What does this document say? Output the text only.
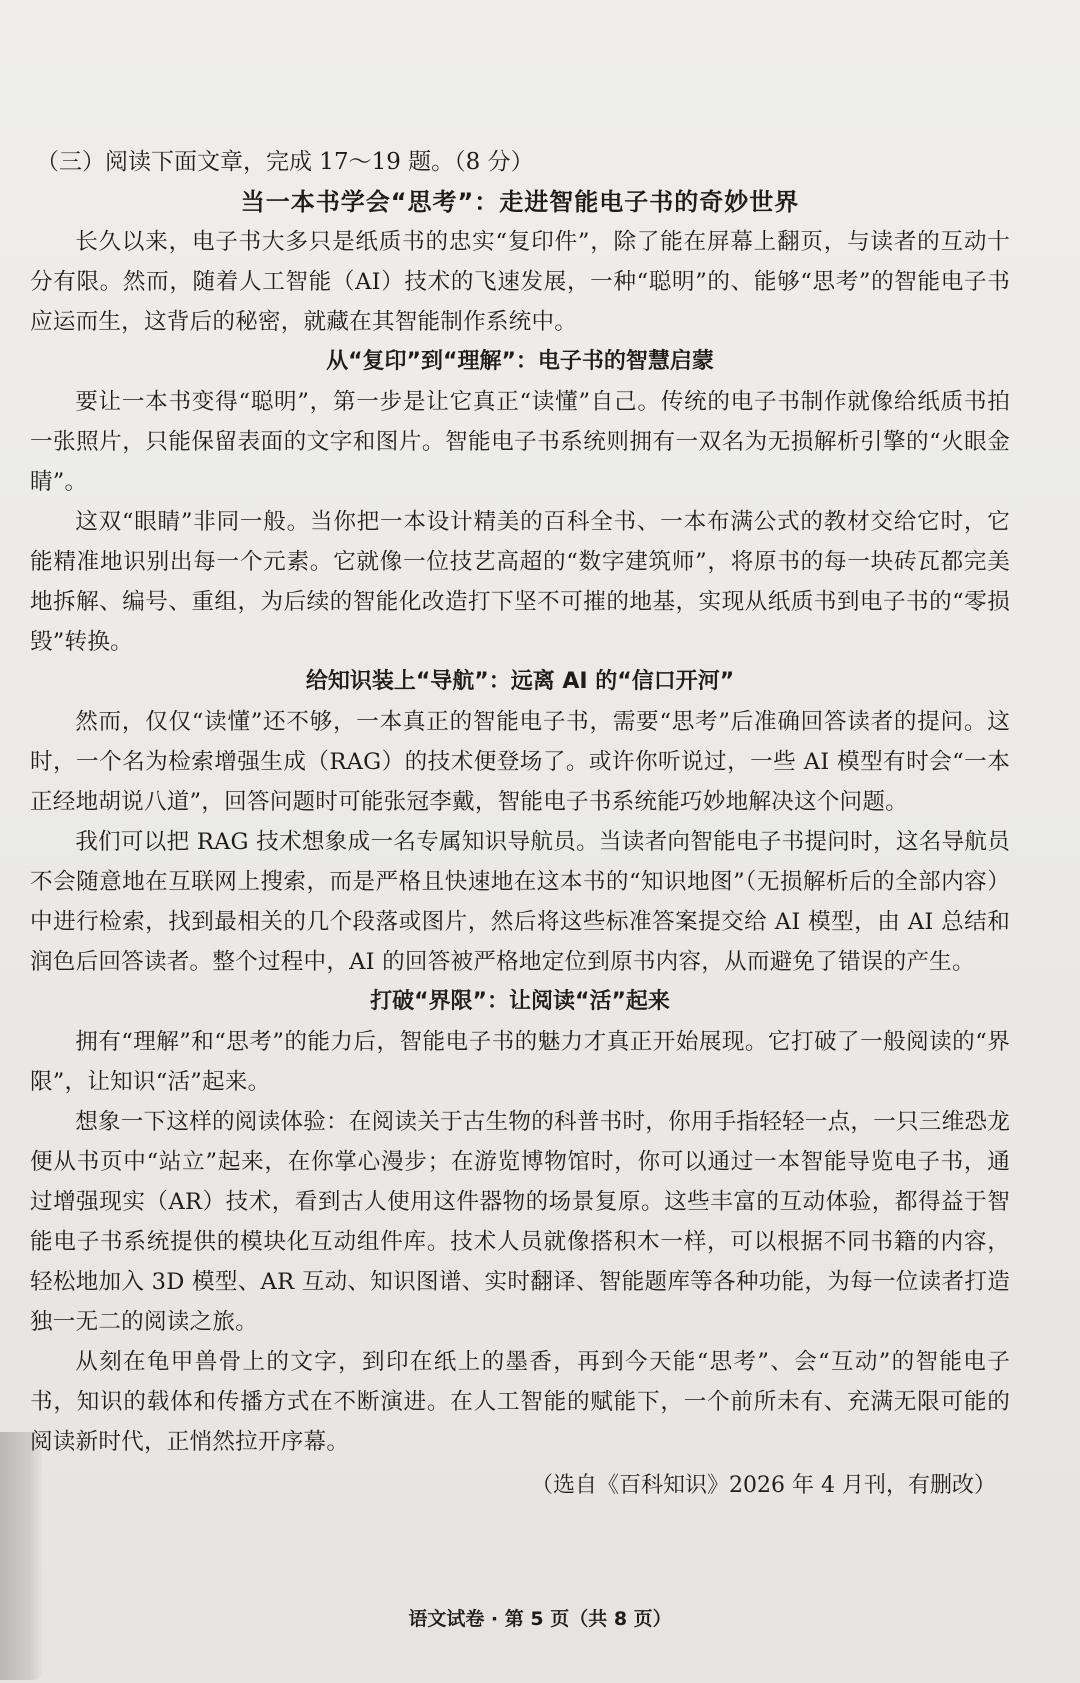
（三）阅读下面文章，完成 17～19 题。（8 分）
当一本书学会“思考”：走进智能电子书的奇妙世界

长久以来，电子书大多只是纸质书的忠实“复印件”，除了能在屏幕上翻页，与读者的互动十分有限。然而，随着人工智能（AI）技术的飞速发展，一种“聪明”的、能够“思考”的智能电子书应运而生，这背后的秘密，就藏在其智能制作系统中。

从“复印”到“理解”：电子书的智慧启蒙

要让一本书变得“聪明”，第一步是让它真正“读懂”自己。传统的电子书制作就像给纸质书拍一张照片，只能保留表面的文字和图片。智能电子书系统则拥有一双名为无损解析引擎的“火眼金睛”。

这双“眼睛”非同一般。当你把一本设计精美的百科全书、一本布满公式的教材交给它时，它能精准地识别出每一个元素。它就像一位技艺高超的“数字建筑师”，将原书的每一块砖瓦都完美地拆解、编号、重组，为后续的智能化改造打下坚不可摧的地基，实现从纸质书到电子书的“零损毁”转换。

给知识装上“导航”：远离 AI 的“信口开河”

然而，仅仅“读懂”还不够，一本真正的智能电子书，需要“思考”后准确回答读者的提问。这时，一个名为检索增强生成（RAG）的技术便登场了。或许你听说过，一些 AI 模型有时会“一本正经地胡说八道”，回答问题时可能张冠李戴，智能电子书系统能巧妙地解决这个问题。

我们可以把 RAG 技术想象成一名专属知识导航员。当读者向智能电子书提问时，这名导航员不会随意地在互联网上搜索，而是严格且快速地在这本书的“知识地图”（无损解析后的全部内容）中进行检索，找到最相关的几个段落或图片，然后将这些标准答案提交给 AI 模型，由 AI 总结和润色后回答读者。整个过程中，AI 的回答被严格地定位到原书内容，从而避免了错误的产生。

打破“界限”：让阅读“活”起来

拥有“理解”和“思考”的能力后，智能电子书的魅力才真正开始展现。它打破了一般阅读的“界限”，让知识“活”起来。

想象一下这样的阅读体验：在阅读关于古生物的科普书时，你用手指轻轻一点，一只三维恐龙便从书页中“站立”起来，在你掌心漫步；在游览博物馆时，你可以通过一本智能导览电子书，通过增强现实（AR）技术，看到古人使用这件器物的场景复原。这些丰富的互动体验，都得益于智能电子书系统提供的模块化互动组件库。技术人员就像搭积木一样，可以根据不同书籍的内容，轻松地加入 3D 模型、AR 互动、知识图谱、实时翻译、智能题库等各种功能，为每一位读者打造独一无二的阅读之旅。

从刻在龟甲兽骨上的文字，到印在纸上的墨香，再到今天能“思考”、会“互动”的智能电子书，知识的载体和传播方式在不断演进。在人工智能的赋能下，一个前所未有、充满无限可能的阅读新时代，正悄然拉开序幕。

（选自《百科知识》2026 年 4 月刊，有删改）
语文试卷 · 第 5 页（共 8 页）
